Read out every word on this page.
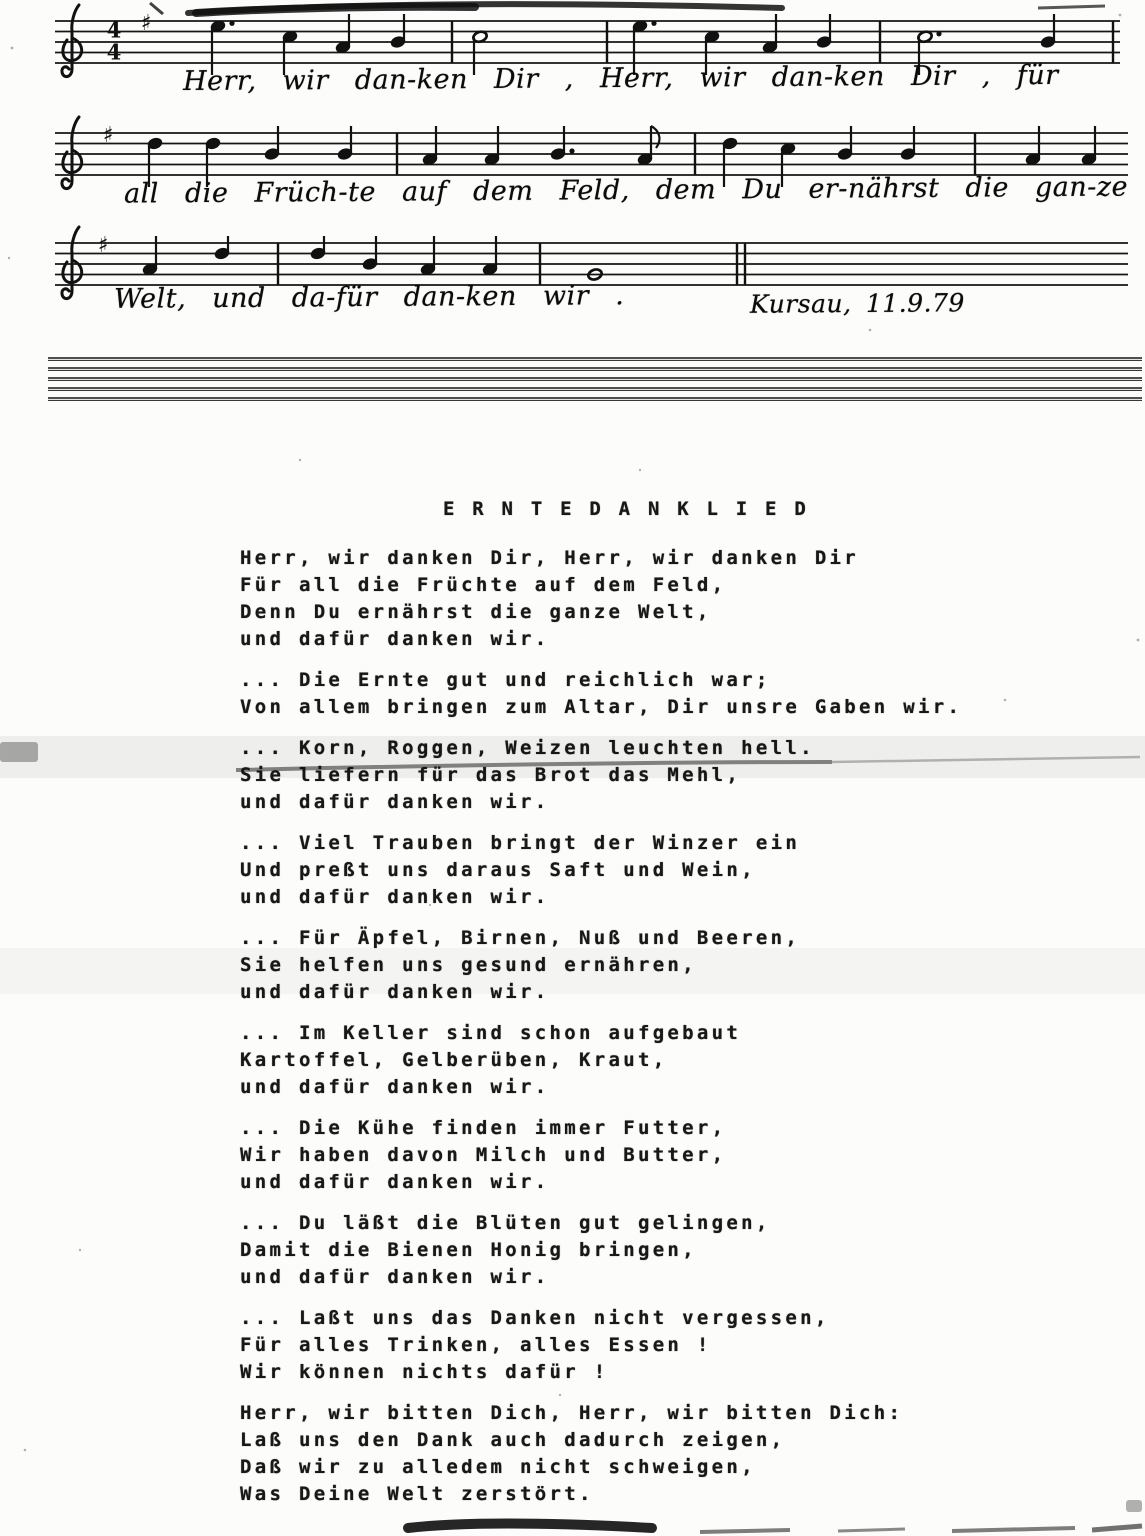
♯
4
4
♯
♯
Herr, wir dan-ken Dir , Herr, wir dan-ken Dir , für
all die Früch-te auf dem Feld, dem Du er-nährst die gan-ze
Welt, und da-für dan-ken wir .	Kursau, 11.9.79
E R N T E D A N K L I E D
Herr, wir danken Dir, Herr, wir danken Dir
Für all die Früchte auf dem Feld,
Denn Du ernährst die ganze Welt,
und dafür danken wir.
... Die Ernte gut und reichlich war;
Von allem bringen zum Altar, Dir unsre Gaben wir.
... Korn, Roggen, Weizen leuchten hell.
Sie liefern für das Brot das Mehl,
und dafür danken wir.
... Viel Trauben bringt der Winzer ein
Und preßt uns daraus Saft und Wein,
und dafür danken wir.
... Für Äpfel, Birnen, Nuß und Beeren,
Sie helfen uns gesund ernähren,
und dafür danken wir.
... Im Keller sind schon aufgebaut
Kartoffel, Gelberüben, Kraut,
und dafür danken wir.
... Die Kühe finden immer Futter,
Wir haben davon Milch und Butter,
und dafür danken wir.
... Du läßt die Blüten gut gelingen,
Damit die Bienen Honig bringen,
und dafür danken wir.
... Laßt uns das Danken nicht vergessen,
Für alles Trinken, alles Essen !
Wir können nichts dafür !
Herr, wir bitten Dich, Herr, wir bitten Dich:
Laß uns den Dank auch dadurch zeigen,
Daß wir zu alledem nicht schweigen,
Was Deine Welt zerstört.
